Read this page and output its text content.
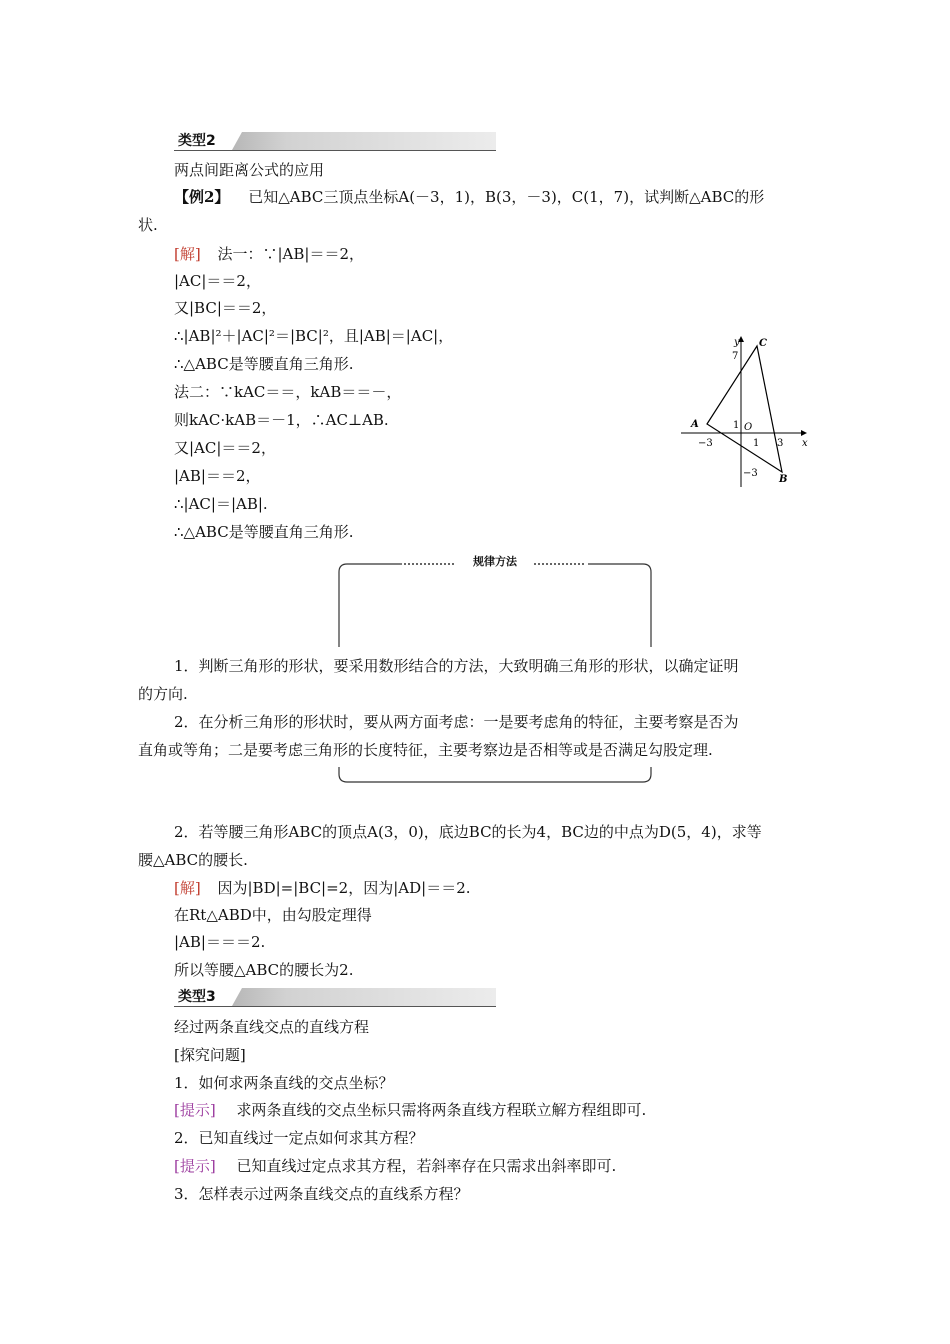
类型2
两点间距离公式的应用
【例2】 已知△ABC三顶点坐标A(－3，1)，B(3，－3)，C(1，7)，试判断△ABC的形
状.
[解] 法一：∵|AB|＝＝2，
|AC|＝＝2，
又|BC|＝＝2，
∴|AB|²＋|AC|²＝|BC|²，且|AB|＝|AC|，
∴△ABC是等腰直角三角形.
法二：∵kAC＝＝，kAB＝＝－，
则kAC·kAB＝－1，∴AC⊥AB.
又|AC|＝＝2，
|AB|＝＝2，
∴|AC|＝|AB|.
∴△ABC是等腰直角三角形.
y
x
C
7
A	1 O
−3	1 3
−3
B
规律方法
1．判断三角形的形状，要采用数形结合的方法，大致明确三角形的形状，以确定证明
的方向.
2．在分析三角形的形状时，要从两方面考虑：一是要考虑角的特征，主要考察是否为
直角或等角；二是要考虑三角形的长度特征，主要考察边是否相等或是否满足勾股定理.
2．若等腰三角形ABC的顶点A(3，0)，底边BC的长为4，BC边的中点为D(5，4)，求等
腰△ABC的腰长.
[解] 因为|BD|=|BC|=2，因为|AD|＝＝2.
在Rt△ABD中，由勾股定理得
|AB|＝＝＝2.
所以等腰△ABC的腰长为2.
类型3
经过两条直线交点的直线方程
[探究问题]
1．如何求两条直线的交点坐标？
[提示] 求两条直线的交点坐标只需将两条直线方程联立解方程组即可.
2．已知直线过一定点如何求其方程？
[提示] 已知直线过定点求其方程，若斜率存在只需求出斜率即可.
3．怎样表示过两条直线交点的直线系方程？
